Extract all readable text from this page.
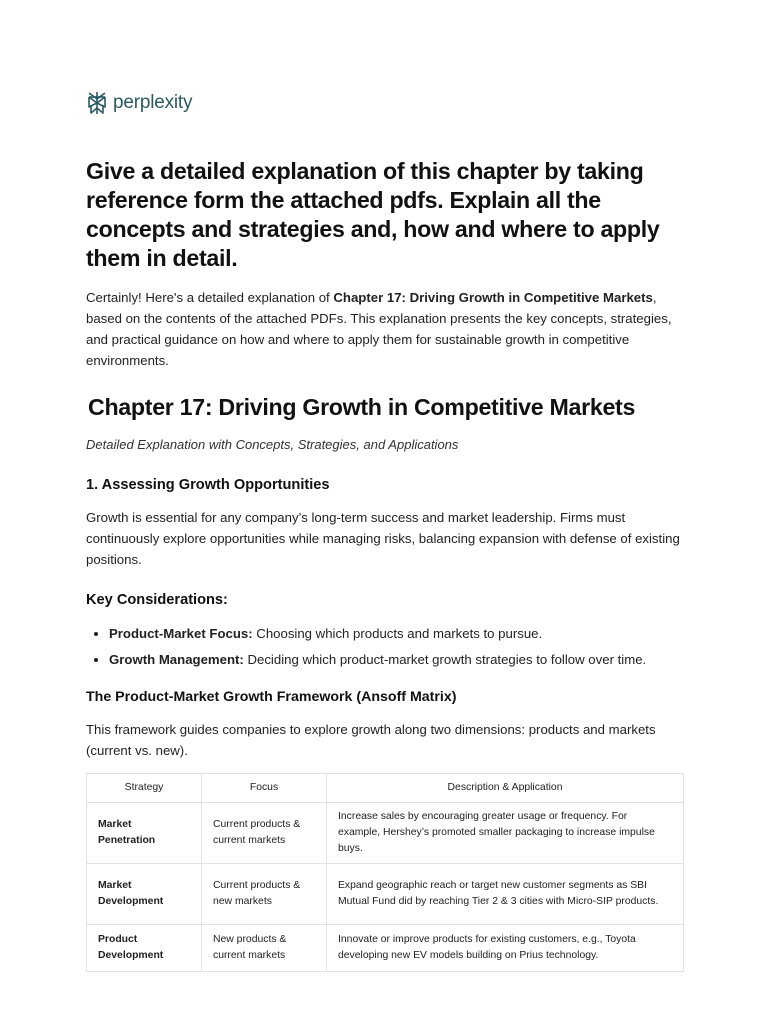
perplexity
Give a detailed explanation of this chapter by taking reference form the attached pdfs. Explain all the concepts and strategies and, how and where to apply them in detail.

Certainly! Here's a detailed explanation of Chapter 17: Driving Growth in Competitive Markets, based on the contents of the attached PDFs. This explanation presents the key concepts, strategies, and practical guidance on how and where to apply them for sustainable growth in competitive environments.

Chapter 17: Driving Growth in Competitive Markets

Detailed Explanation with Concepts, Strategies, and Applications

1. Assessing Growth Opportunities

Growth is essential for any company’s long-term success and market leadership. Firms must continuously explore opportunities while managing risks, balancing expansion with defense of existing positions.

Key Considerations:
• Product-Market Focus: Choosing which products and markets to pursue.
• Growth Management: Deciding which product-market growth strategies to follow over time.
The Product-Market Growth Framework (Ansoff Matrix)

This framework guides companies to explore growth along two dimensions: products and markets (current vs. new).

Strategy	Focus	Description & Application
Market Penetration	Current products & current markets	Increase sales by encouraging greater usage or frequency. For example, Hershey’s promoted smaller packaging to increase impulse buys.
Market Development	Current products & new markets	Expand geographic reach or target new customer segments as SBI Mutual Fund did by reaching Tier 2 & 3 cities with Micro-SIP products.
Product Development	New products & current markets	Innovate or improve products for existing customers, e.g., Toyota developing new EV models building on Prius technology.
